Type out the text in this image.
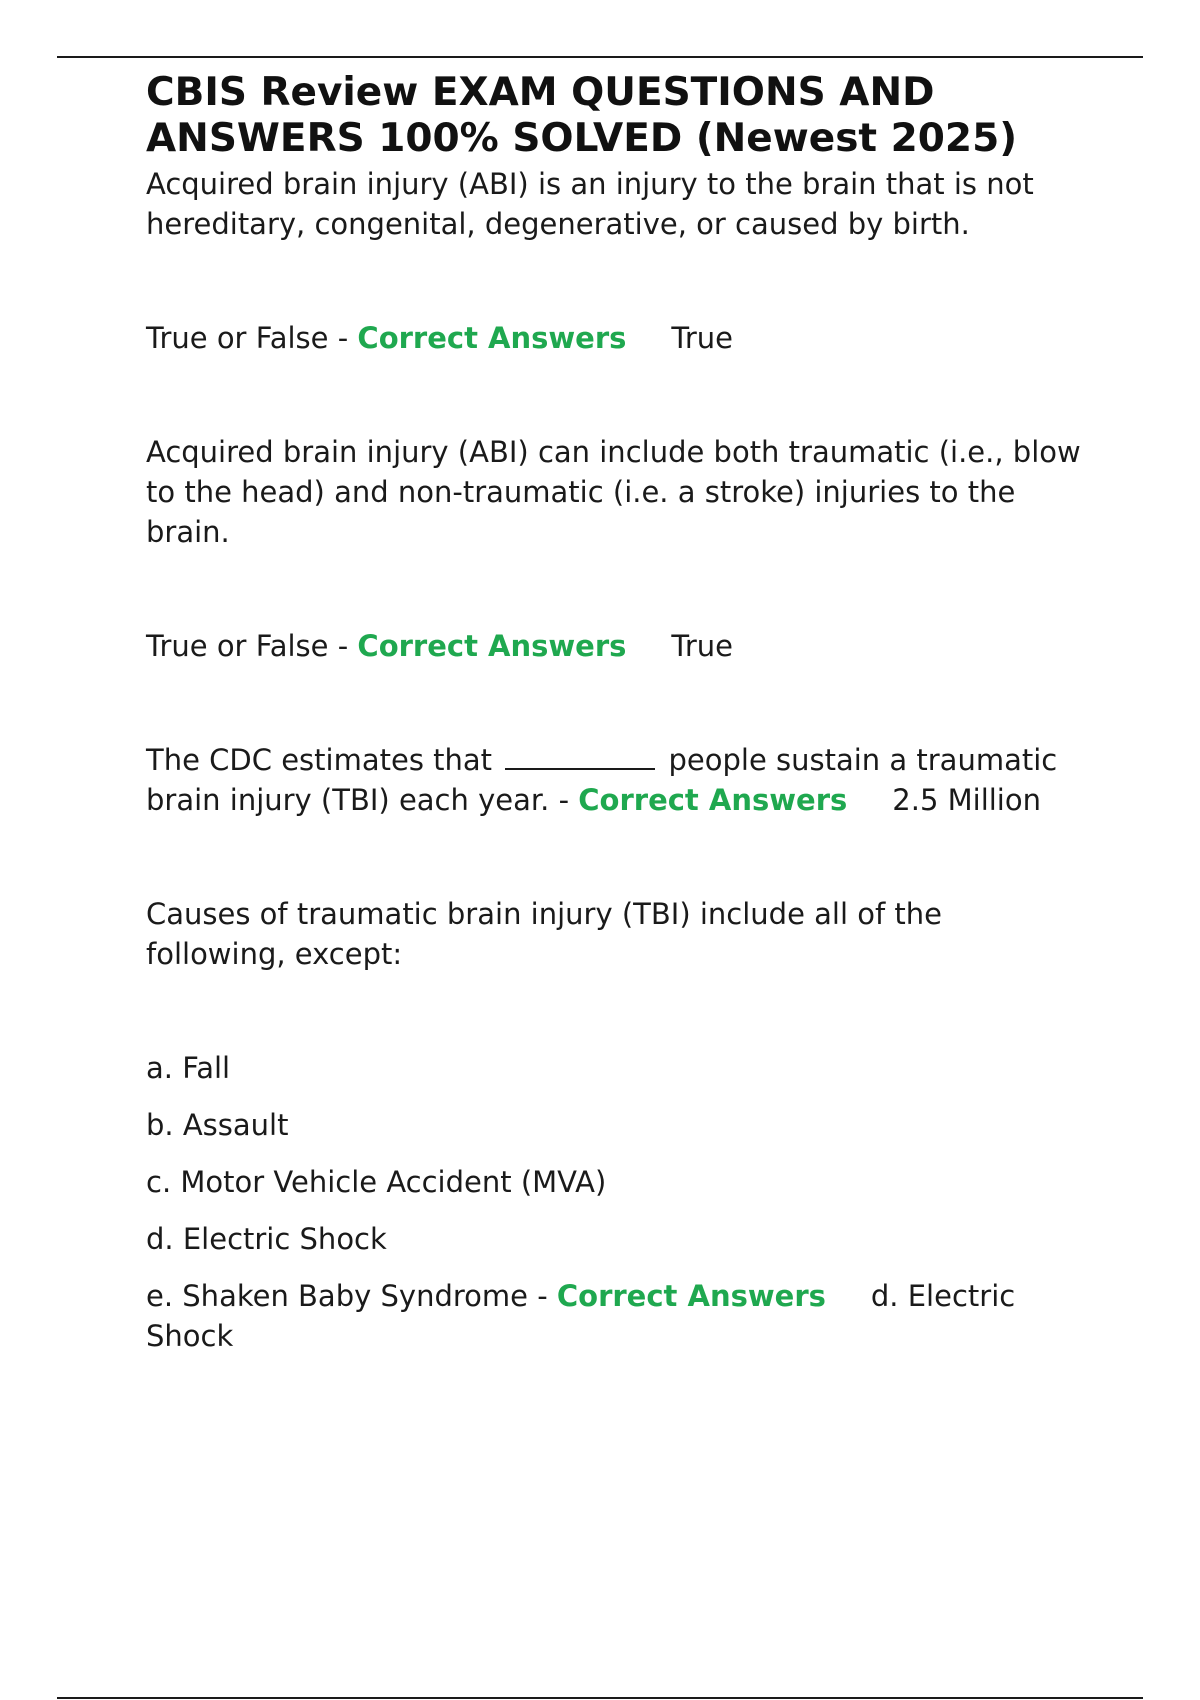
CBIS Review EXAM QUESTIONS AND ANSWERS 100% SOLVED (Newest 2025)

Acquired brain injury (ABI) is an injury to the brain that is not hereditary, congenital, degenerative, or caused by birth.

True or False - Correct Answers True

Acquired brain injury (ABI) can include both traumatic (i.e., blow to the head) and non-traumatic (i.e. a stroke) injuries to the brain.

True or False - Correct Answers True

The CDC estimates that	people sustain a traumatic brain injury (TBI) each year. - Correct Answers 2.5 Million

Causes of traumatic brain injury (TBI) include all of the following, except:

a. Fall

b. Assault

c. Motor Vehicle Accident (MVA)

d. Electric Shock

e. Shaken Baby Syndrome - Correct Answers d. Electric Shock
